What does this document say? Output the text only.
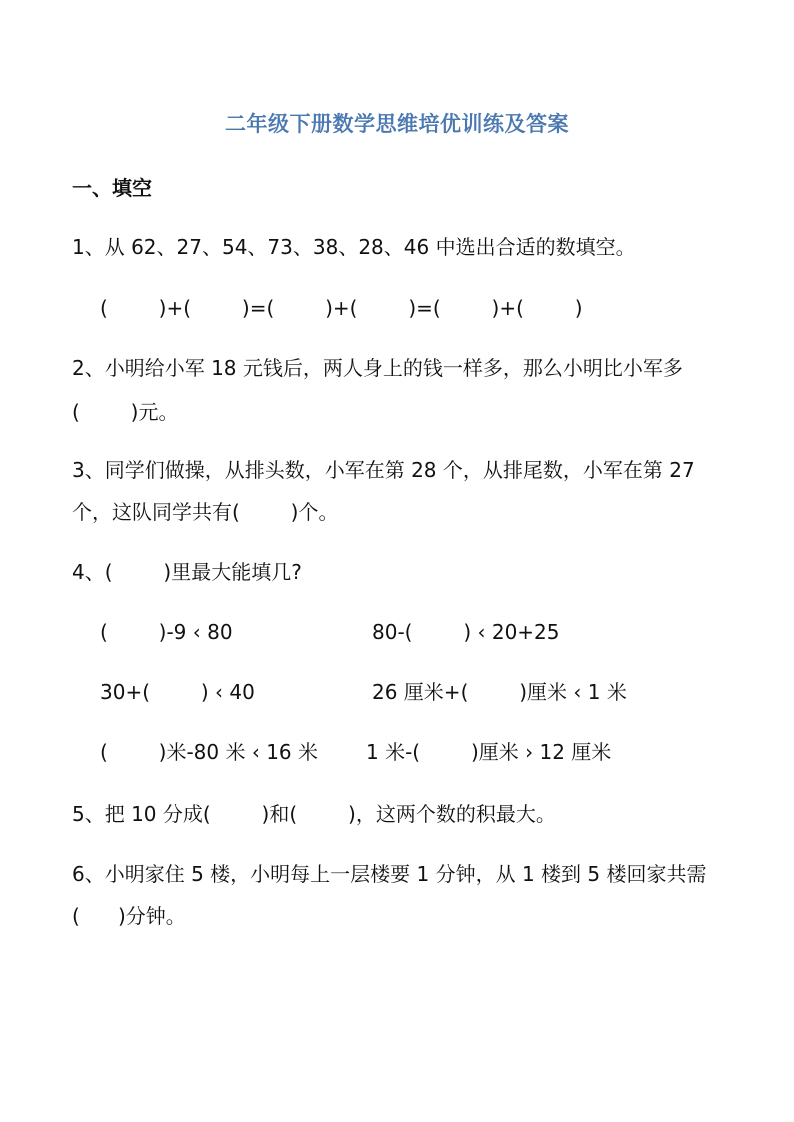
二年级下册数学思维培优训练及答案
一、填空
1、从 62、27、54、73、38、28、46 中选出合适的数填空。
(        )+(        )=(        )+(        )=(        )+(        )
2、小明给小军 18 元钱后，两人身上的钱一样多，那么小明比小军多
(        )元。
3、同学们做操，从排头数，小军在第 28 个，从排尾数，小军在第 27
个，这队同学共有(        )个。
4、(        )里最大能填几?
(        )-9 ‹ 80	80-(        ) ‹ 20+25
30+(        ) ‹ 40	26 厘米+(        )厘米 ‹ 1 米
(        )米-80 米 ‹ 16 米 1 米-(        )厘米 › 12 厘米
5、把 10 分成(        )和(        )，这两个数的积最大。
6、小明家住 5 楼，小明每上一层楼要 1 分钟，从 1 楼到 5 楼回家共需
(      )分钟。
